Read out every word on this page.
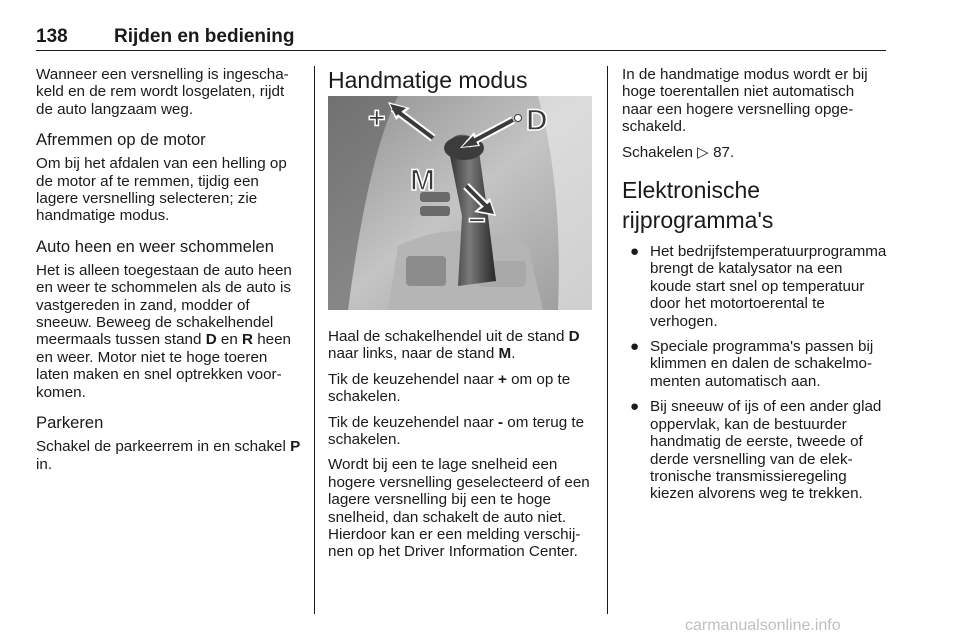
138 Rijden en bediening

Wanneer een versnelling is ingeschakeld en de rem wordt losgelaten, rijdt de auto langzaam weg.

Afremmen op de motor

Om bij het afdalen van een helling op de motor af te remmen, tijdig een lagere versnelling selecteren; zie handmatige modus.

Auto heen en weer schommelen

Het is alleen toegestaan de auto heen en weer te schommelen als de auto is vastgereden in zand, modder of sneeuw. Beweeg de schakelhendel meermaals tussen stand D en R heen en weer. Motor niet te hoge toeren laten maken en snel optrekken voorkomen.

Parkeren

Schakel de parkeerrem in en schakel P in.

Handmatige modus
+
−
D
M

Haal de schakelhendel uit de stand D naar links, naar de stand M.

Tik de keuzehendel naar + om op te schakelen.

Tik de keuzehendel naar - om terug te schakelen.

Wordt bij een te lage snelheid een hogere versnelling geselecteerd of een lagere versnelling bij een te hoge snelheid, dan schakelt de auto niet. Hierdoor kan er een melding verschijnen op het Driver Information Center.

In de handmatige modus wordt er bij hoge toerentallen niet automatisch naar een hogere versnelling opgeschakeld.

Schakelen ▷ 87.

Elektronische
rijprogramma's
● Het bedrijfstemperatuurprogramma brengt de katalysator na een koude start snel op temperatuur door het motortoerental te verhogen.
● Speciale programma's passen bij klimmen en dalen de schakelmomenten automatisch aan.
● Bij sneeuw of ijs of een ander glad oppervlak, kan de bestuurder handmatig de eerste, tweede of derde versnelling van de elektronische transmissieregeling kiezen alvorens weg te trekken.
carmanualsonline.info
